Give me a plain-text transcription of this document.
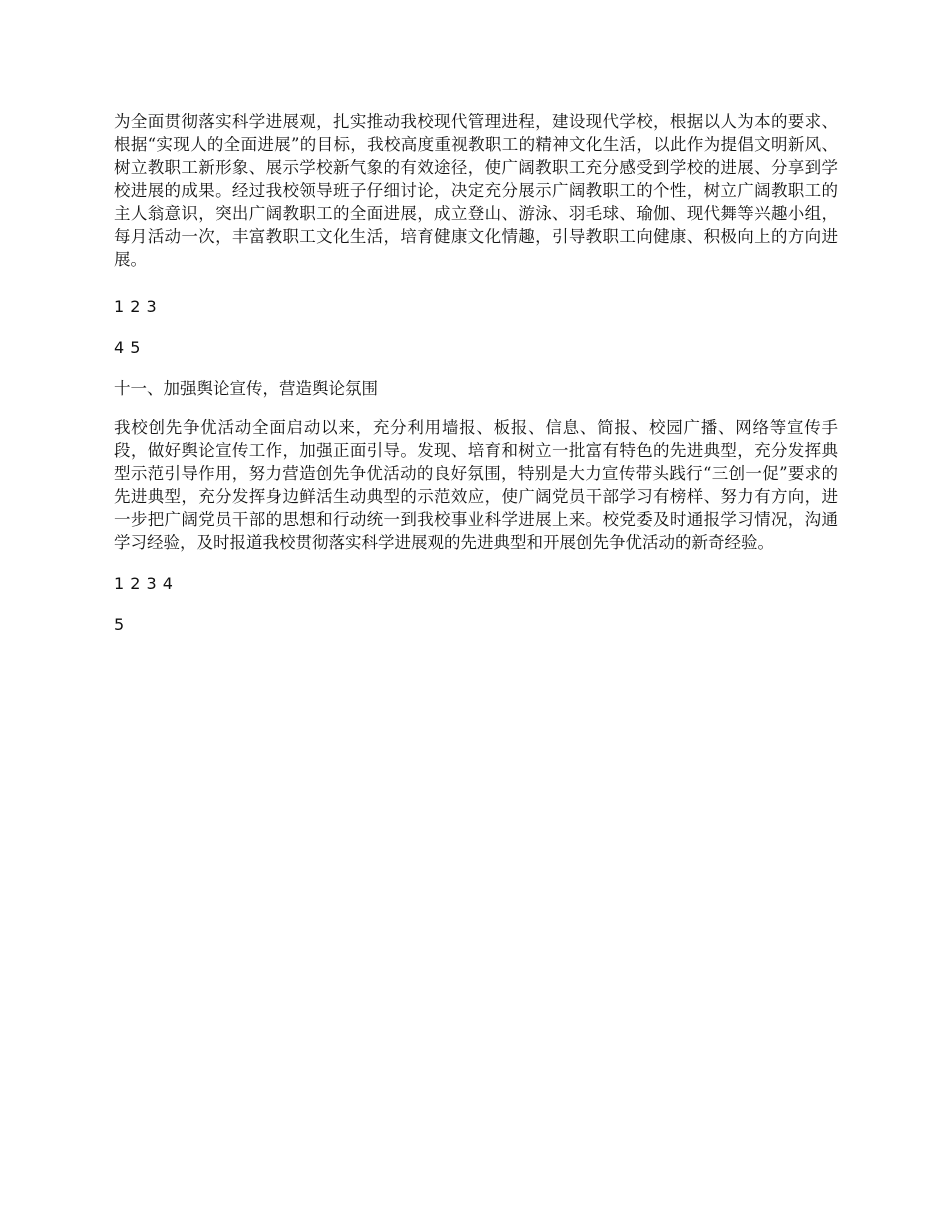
为全面贯彻落实科学进展观，扎实推动我校现代管理进程，建设现代学校，根据以人为本的要求、根据“实现人的全面进展”的目标，我校高度重视教职工的精神文化生活，以此作为提倡文明新风、树立教职工新形象、展示学校新气象的有效途径，使广阔教职工充分感受到学校的进展、分享到学校进展的成果。经过我校领导班子仔细讨论，决定充分展示广阔教职工的个性，树立广阔教职工的主人翁意识，突出广阔教职工的全面进展，成立登山、游泳、羽毛球、瑜伽、现代舞等兴趣小组，每月活动一次，丰富教职工文化生活，培育健康文化情趣，引导教职工向健康、积极向上的方向进展。

1 2 3

4 5

十一、加强舆论宣传，营造舆论氛围

我校创先争优活动全面启动以来，充分利用墙报、板报、信息、简报、校园广播、网络等宣传手段，做好舆论宣传工作，加强正面引导。发现、培育和树立一批富有特色的先进典型，充分发挥典型示范引导作用，努力营造创先争优活动的良好氛围，特别是大力宣传带头践行“三创一促”要求的先进典型，充分发挥身边鲜活生动典型的示范效应，使广阔党员干部学习有榜样、努力有方向，进一步把广阔党员干部的思想和行动统一到我校事业科学进展上来。校党委及时通报学习情况，沟通学习经验，及时报道我校贯彻落实科学进展观的先进典型和开展创先争优活动的新奇经验。

1 2 3 4

5
